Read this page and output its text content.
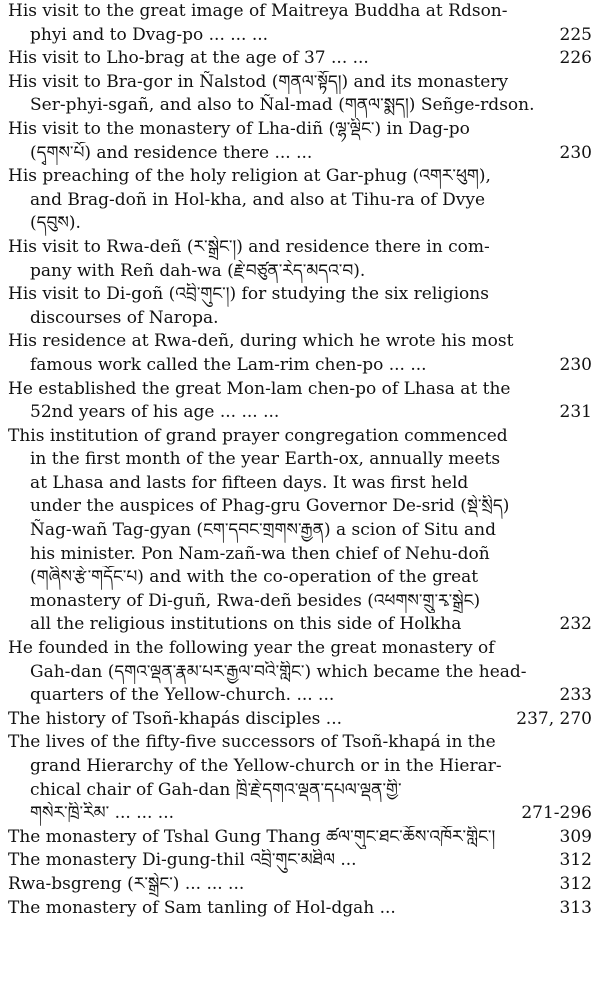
His visit to the great image of Maitreya Buddha at Rdson-
phyi and to Dvag-po ... ... ...	225
His visit to Lho-brag at the age of 37 ... ...	226
His visit to Bra-gor in Ñalstod (གནལ་སྟོད།) and its monastery
Ser-phyi-sgañ, and also to Ñal-mad (གནལ་སྨད།) Señge-rdson.
His visit to the monastery of Lha-diñ (ལྷ་ལྡིང་) in Dag-po
(དྭགས་པོ) and residence there ... ...	230
His preaching of the holy religion at Gar-phug (འགར་ཕུག),
and Brag-doñ in Hol-kha, and also at Tihu-ra of Dvye
(དབུས).
His visit to Rwa-deñ (ར་སྒྲེང་།) and residence there in com-
pany with Reñ dah-wa (རྗེ་བཙུན་རེད་མདའ་བ).
His visit to Di-goñ (འབྲི་གུང་།) for studying the six religions
discourses of Naropa.
His residence at Rwa-deñ, during which he wrote his most
famous work called the Lam-rim chen-po ... ...	230
He established the great Mon-lam chen-po of Lhasa at the
52nd years of his age ... ... ...	231
This institution of grand prayer congregation commenced
in the first month of the year Earth-ox, annually meets
at Lhasa and lasts for fifteen days. It was first held
under the auspices of Phag-gru Governor De-srid (སྡེ་སྲིད)
Ñag-wañ Tag-gyan (ངག་དབང་གྲགས་རྒྱན) a scion of Situ and
his minister. Pon Nam-zañ-wa then chief of Nehu-doñ
(གཞིས་རྩེ་གདོང་པ) and with the co-operation of the great
monastery of Di-guñ, Rwa-deñ besides (འཕགས་གྲུ་རྭ་སྒྲེང)
all the religious institutions on this side of Holkha	232
He founded in the following year the great monastery of
Gah-dan (དགའ་ལྡན་རྣམ་པར་རྒྱལ་བའི་གླིང་) which became the head-
quarters of the Yellow-church. ... ...	233
The history of Tsoñ-khapás disciples ...	237, 270
The lives of the fifty-five successors of Tsoñ-khapá in the
grand Hierarchy of the Yellow-church or in the Hierar-
chical chair of Gah-dan ཁྲི་རྗེ་དགའ་ལྡན་དཔལ་ལྡན་གྱི་
གསེར་ཁྲི་རིམ་ ... ... ...	271-296
The monastery of Tshal Gung Thang ཚལ་གུང་ཐང་ཆོས་འཁོར་གླིང་།	309
The monastery Di-gung-thil འབྲི་གུང་མཐིལ ...	312
Rwa-bsgreng (ར་སྒྲེང་) ... ... ...	312
The monastery of Sam tanling of Hol-dgah ...	313
